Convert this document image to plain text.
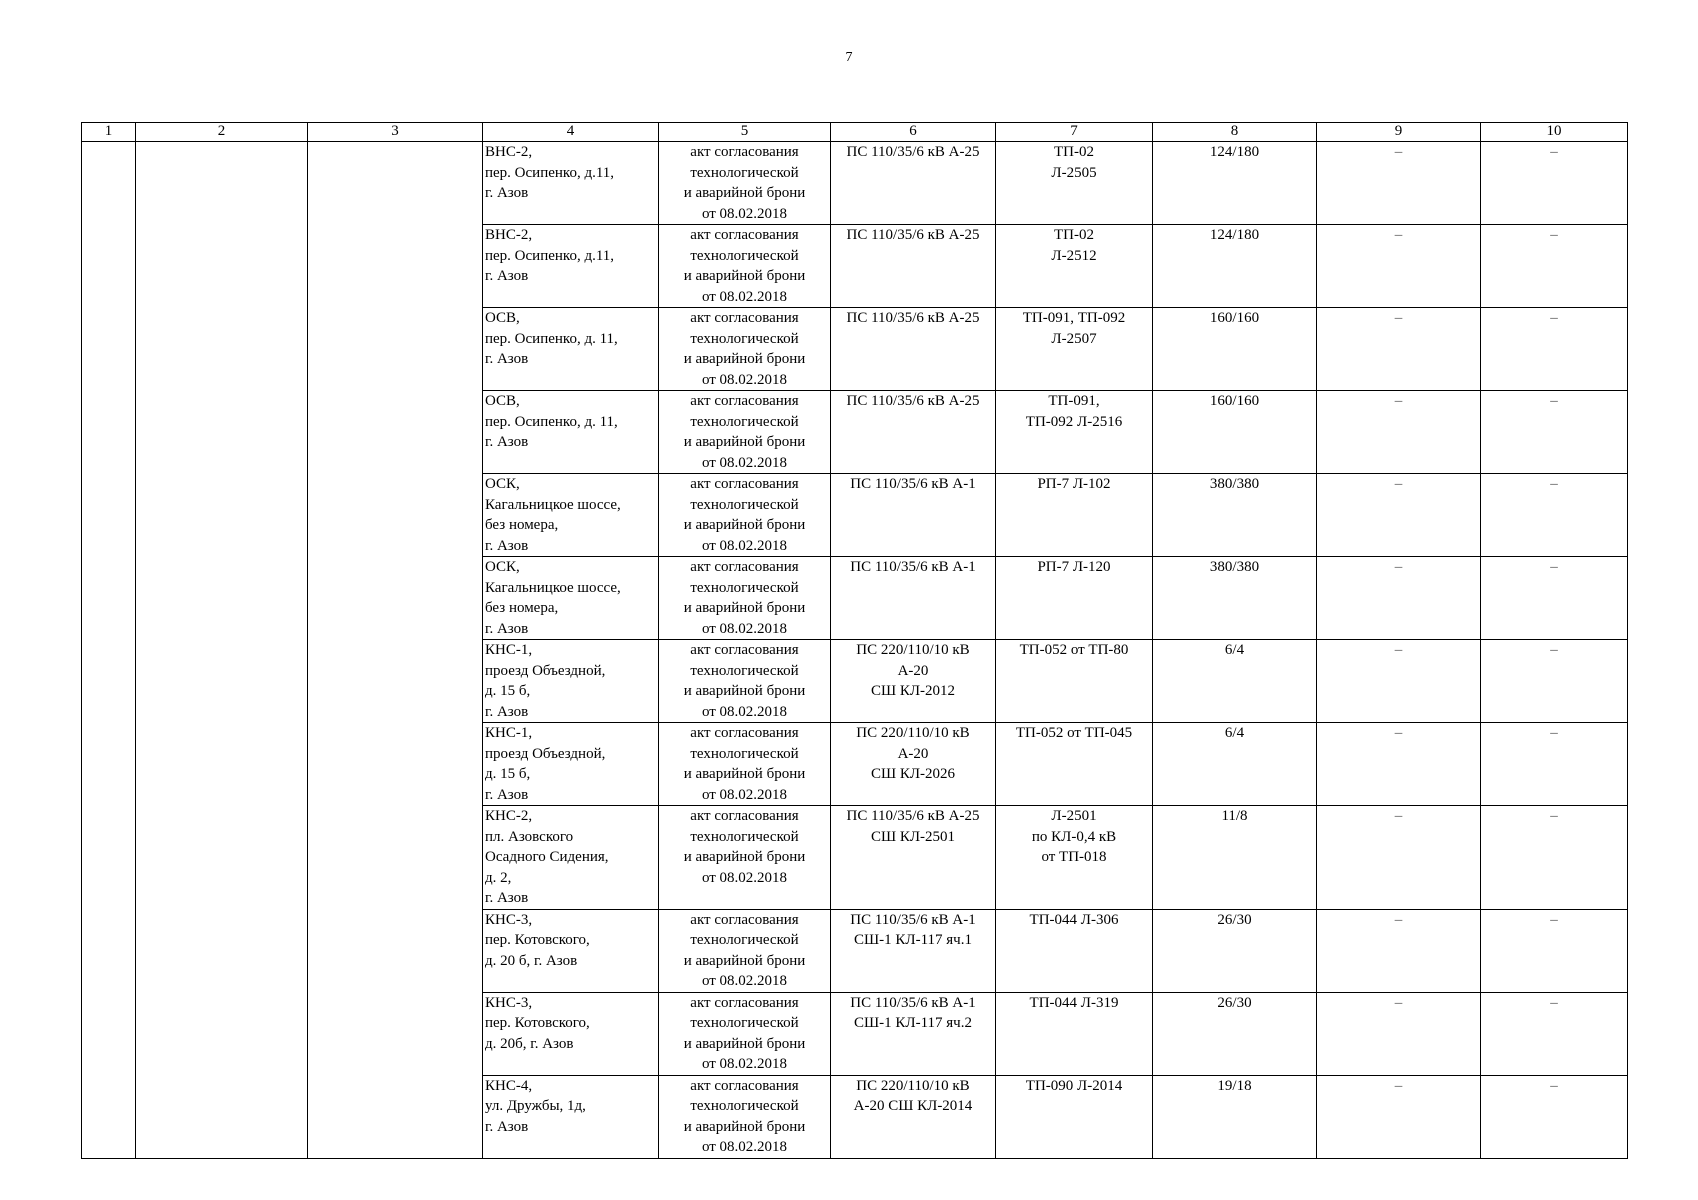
7
1	2	3	4	5	6	7	8	9	10
			ВНС-2,
пер. Осипенко, д.11,
г. Азов	акт согласования
технологической
и аварийной брони
от 08.02.2018	ПС 110/35/6 кВ А-25	ТП-02
Л-2505	124/180	–	–
			ВНС-2,
пер. Осипенко, д.11,
г. Азов	акт согласования
технологической
и аварийной брони
от 08.02.2018	ПС 110/35/6 кВ А-25	ТП-02
Л-2512	124/180	–	–
			ОСВ,
пер. Осипенко, д. 11,
г. Азов	акт согласования
технологической
и аварийной брони
от 08.02.2018	ПС 110/35/6 кВ А-25	ТП-091, ТП-092
Л-2507	160/160	–	–
			ОСВ,
пер. Осипенко, д. 11,
г. Азов	акт согласования
технологической
и аварийной брони
от 08.02.2018	ПС 110/35/6 кВ А-25	ТП-091,
ТП-092 Л-2516	160/160	–	–
			ОСК,
Кагальницкое шоссе,
без номера,
г. Азов	акт согласования
технологической
и аварийной брони
от 08.02.2018	ПС 110/35/6 кВ А-1	РП-7 Л-102	380/380	–	–
			ОСК,
Кагальницкое шоссе,
без номера,
г. Азов	акт согласования
технологической
и аварийной брони
от 08.02.2018	ПС 110/35/6 кВ А-1	РП-7 Л-120	380/380	–	–
			КНС-1,
проезд Объездной,
д. 15 б,
г. Азов	акт согласования
технологической
и аварийной брони
от 08.02.2018	ПС 220/110/10 кВ
А-20
СШ КЛ-2012	ТП-052 от ТП-80	6/4	–	–
			КНС-1,
проезд Объездной,
д. 15 б,
г. Азов	акт согласования
технологической
и аварийной брони
от 08.02.2018	ПС 220/110/10 кВ
А-20
СШ КЛ-2026	ТП-052 от ТП-045	6/4	–	–
			КНС-2,
пл. Азовского
Осадного Сидения,
д. 2,
г. Азов	акт согласования
технологической
и аварийной брони
от 08.02.2018	ПС 110/35/6 кВ А-25
СШ КЛ-2501	Л-2501
по КЛ-0,4 кВ
от ТП-018	11/8	–	–
			КНС-3,
пер. Котовского,
д. 20 б, г. Азов	акт согласования
технологической
и аварийной брони
от 08.02.2018	ПС 110/35/6 кВ А-1
СШ-1 КЛ-117 яч.1	ТП-044 Л-306	26/30	–	–
			КНС-3,
пер. Котовского,
д. 20б, г. Азов	акт согласования
технологической
и аварийной брони
от 08.02.2018	ПС 110/35/6 кВ А-1
СШ-1 КЛ-117 яч.2	ТП-044 Л-319	26/30	–	–
			КНС-4,
ул. Дружбы, 1д,
г. Азов	акт согласования
технологической
и аварийной брони
от 08.02.2018	ПС 220/110/10 кВ
А-20 СШ КЛ-2014	ТП-090 Л-2014	19/18	–	–
